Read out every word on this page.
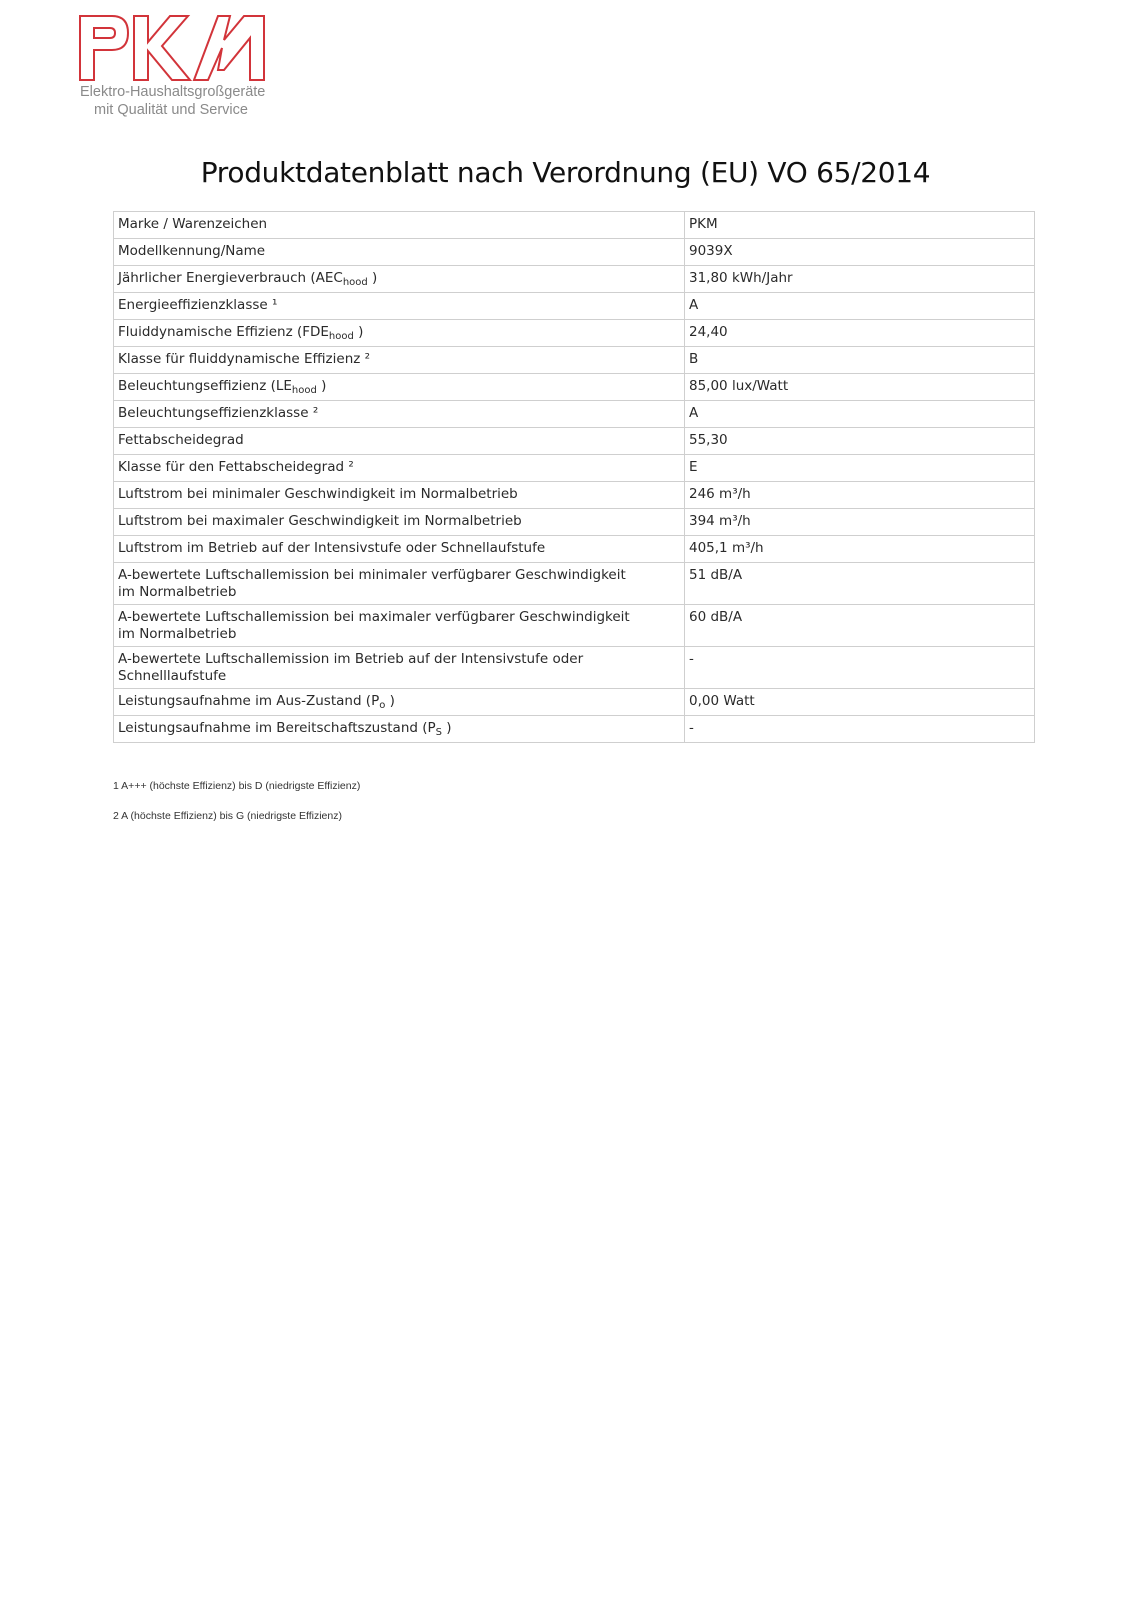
Elektro-Haushaltsgroßgeräte
mit Qualität und Service
Produktdatenblatt nach Verordnung (EU) VO 65/2014
Marke / Warenzeichen	PKM
Modellkennung/Name	9039X
Jährlicher Energieverbrauch ($AEC_{hood}$ )	31,80 kWh/Jahr
Energieeffizienzklasse ¹	A
Fluiddynamische Effizienz ($FDE_{hood}$ )	24,40
Klasse für fluiddynamische Effizienz ²	B
Beleuchtungseffizienz ($LE_{hood}$ )	85,00 lux/Watt
Beleuchtungseffizienzklasse ²	A
Fettabscheidegrad	55,30
Klasse für den Fettabscheidegrad ²	E
Luftstrom bei minimaler Geschwindigkeit im Normalbetrieb	246 m³/h
Luftstrom bei maximaler Geschwindigkeit im Normalbetrieb	394 m³/h
Luftstrom im Betrieb auf der Intensivstufe oder Schnellaufstufe	405,1 m³/h
A-bewertete Luftschallemission bei minimaler verfügbarer Geschwindigkeit
im Normalbetrieb	51 dB/A
A-bewertete Luftschallemission bei maximaler verfügbarer Geschwindigkeit
im Normalbetrieb	60 dB/A
A-bewertete Luftschallemission im Betrieb auf der Intensivstufe oder Schnelllaufstufe	-
Leistungsaufnahme im Aus-Zustand ($P_o$ )	0,00 Watt
Leistungsaufnahme im Bereitschaftszustand ($P_S$ )	-
1 A+++ (höchste Effizienz) bis D (niedrigste Effizienz)
2 A (höchste Effizienz) bis G (niedrigste Effizienz)
